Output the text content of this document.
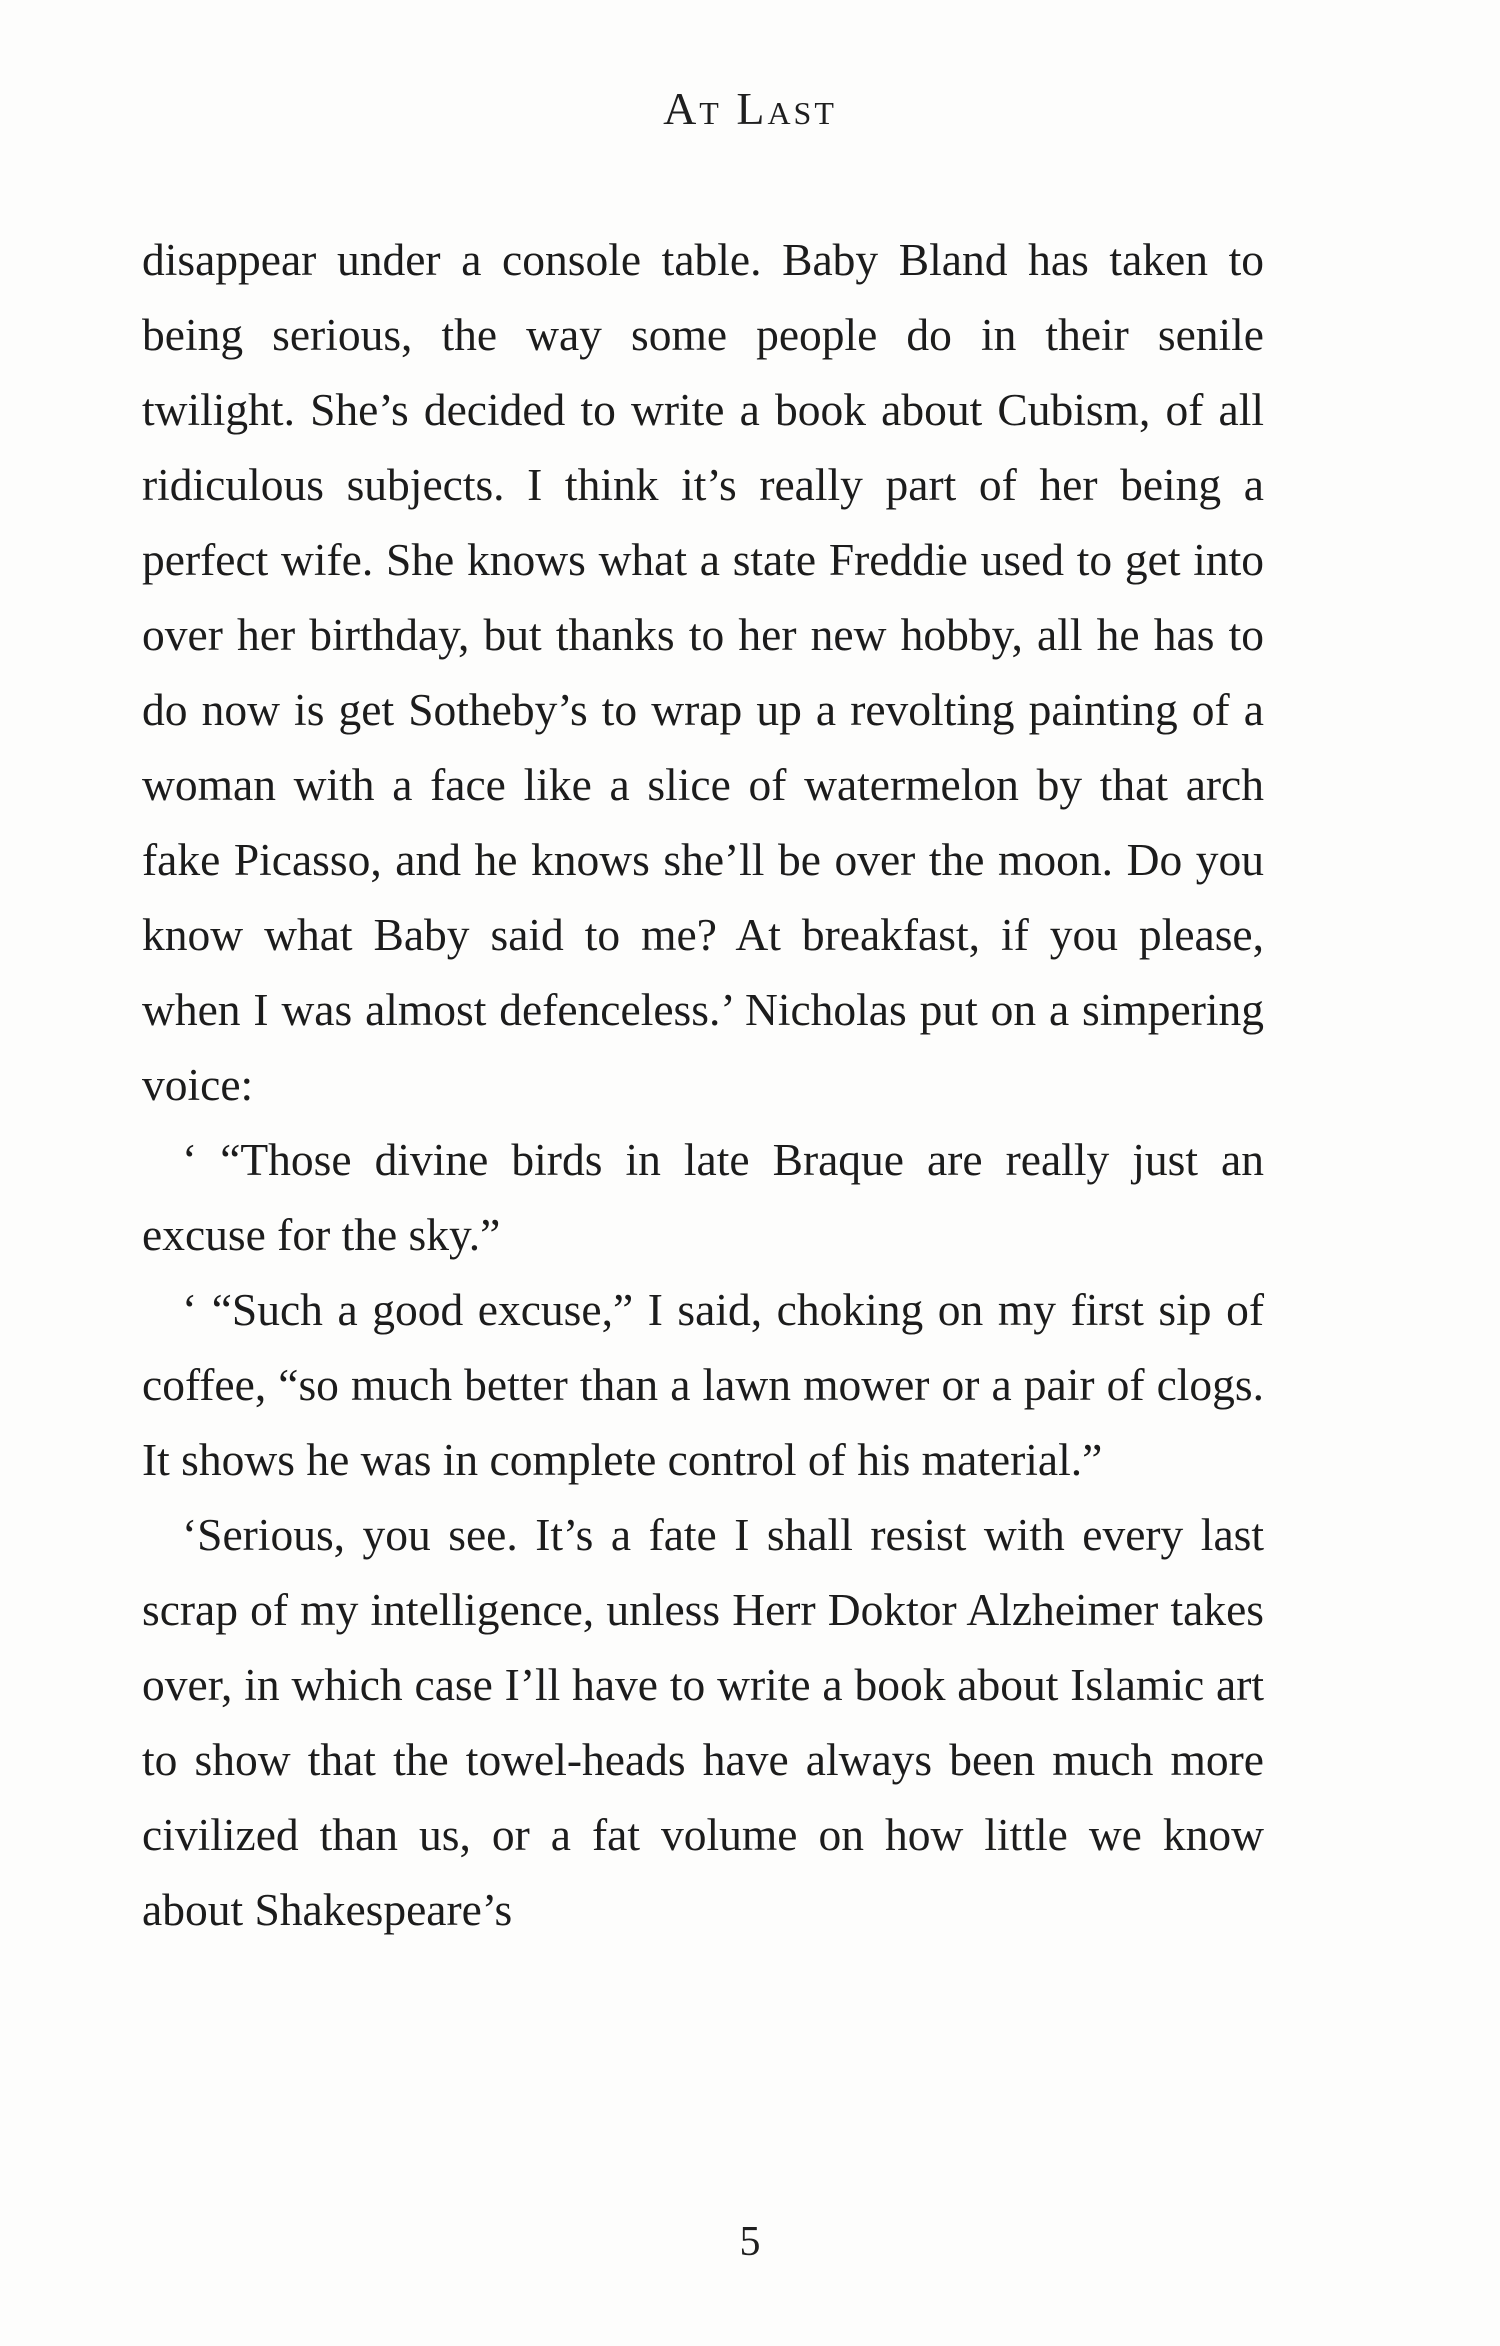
At Last

disappear under a console table. Baby Bland has taken to being serious, the way some people do in their senile twilight. She’s decided to write a book about Cubism, of all ridiculous subjects. I think it’s really part of her being a perfect wife. She knows what a state Freddie used to get into over her birthday, but thanks to her new hobby, all he has to do now is get Sotheby’s to wrap up a revolting painting of a woman with a face like a slice of watermelon by that arch fake Picasso, and he knows she’ll be over the moon. Do you know what Baby said to me? At breakfast, if you please, when I was almost defenceless.’ Nicholas put on a simpering voice:

‘ “Those divine birds in late Braque are really just an excuse for the sky.”

‘ “Such a good excuse,” I said, choking on my first sip of coffee, “so much better than a lawn mower or a pair of clogs. It shows he was in complete control of his material.”

‘Serious, you see. It’s a fate I shall resist with every last scrap of my intelligence, unless Herr Doktor Alzheimer takes over, in which case I’ll have to write a book about Islamic art to show that the towel-heads have always been much more civilized than us, or a fat volume on how little we know about Shakespeare’s

5
